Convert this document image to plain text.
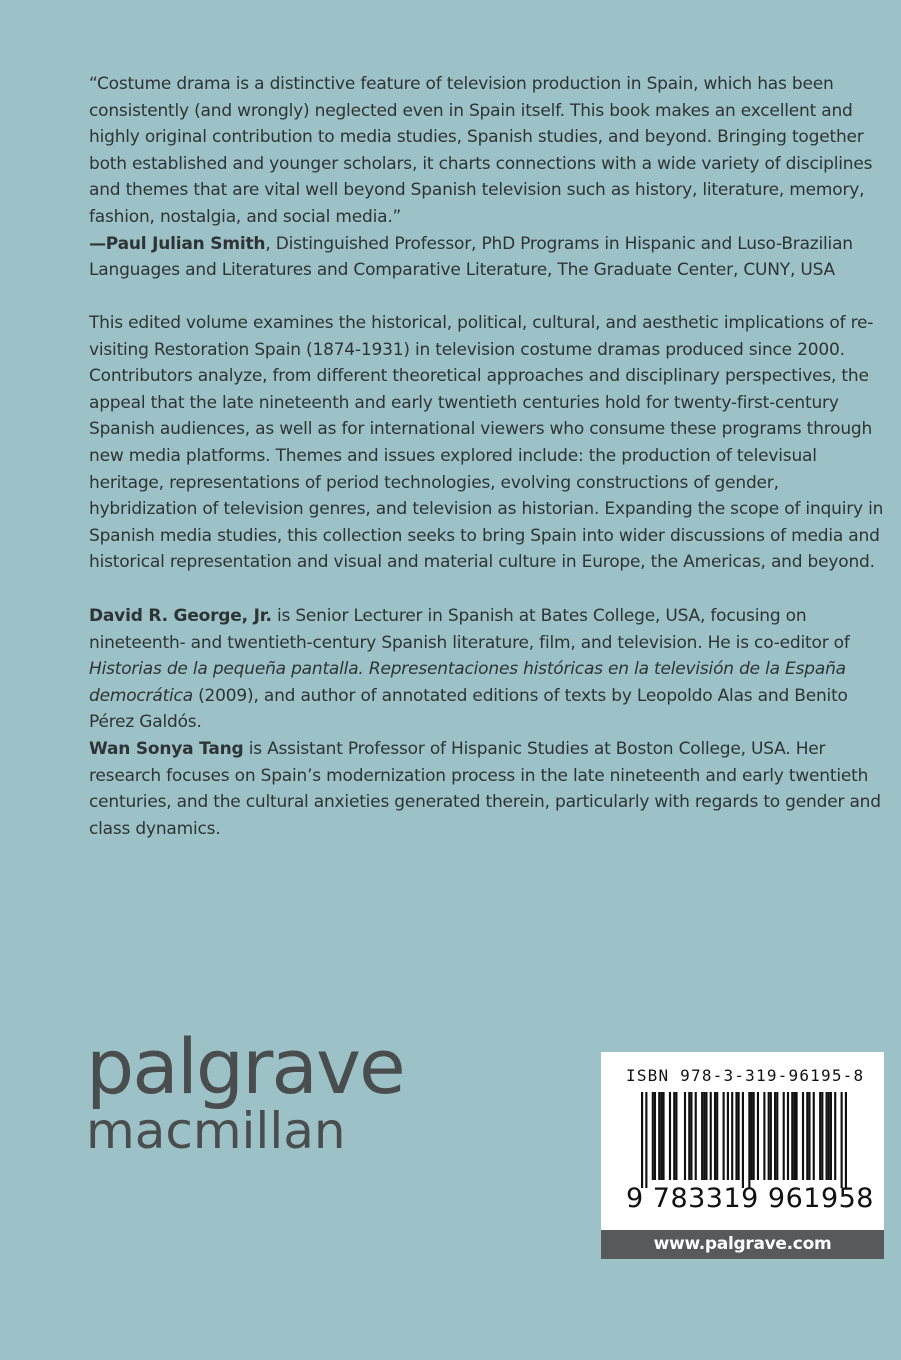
“Costume drama is a distinctive feature of television production in Spain, which has been consistently (and wrongly) neglected even in Spain itself. This book makes an excellent and highly original contribution to media studies, Spanish studies, and beyond. Bringing together both established and younger scholars, it charts connections with a wide variety of disciplines and themes that are vital well beyond Spanish television such as history, literature, memory, fashion, nostalgia, and social media.”
—Paul Julian Smith, Distinguished Professor, PhD Programs in Hispanic and Luso-Brazilian Languages and Literatures and Comparative Literature, The Graduate Center, CUNY, USA
This edited volume examines the historical, political, cultural, and aesthetic implications of re-visiting Restoration Spain (1874-1931) in television costume dramas produced since 2000. Contributors analyze, from different theoretical approaches and disciplinary perspectives, the appeal that the late nineteenth and early twentieth centuries hold for twenty-first-century Spanish audiences, as well as for international viewers who consume these programs through new media platforms. Themes and issues explored include: the production of televisual heritage, representations of period technologies, evolving constructions of gender, hybridization of television genres, and television as historian. Expanding the scope of inquiry in Spanish media studies, this collection seeks to bring Spain into wider discussions of media and historical representation and visual and material culture in Europe, the Americas, and beyond.
David R. George, Jr. is Senior Lecturer in Spanish at Bates College, USA, focusing on nineteenth- and twentieth-century Spanish literature, film, and television. He is co-editor of Historias de la pequeña pantalla. Representaciones históricas en la televisión de la España democrática (2009), and author of annotated editions of texts by Leopoldo Alas and Benito Pérez Galdós.
Wan Sonya Tang is Assistant Professor of Hispanic Studies at Boston College, USA. Her research focuses on Spain’s modernization process in the late nineteenth and early twentieth centuries, and the cultural anxieties generated therein, particularly with regards to gender and class dynamics.
palgrave
macmillan
ISBN 978-3-319-96195-8
9 783319 961958
www.palgrave.com
